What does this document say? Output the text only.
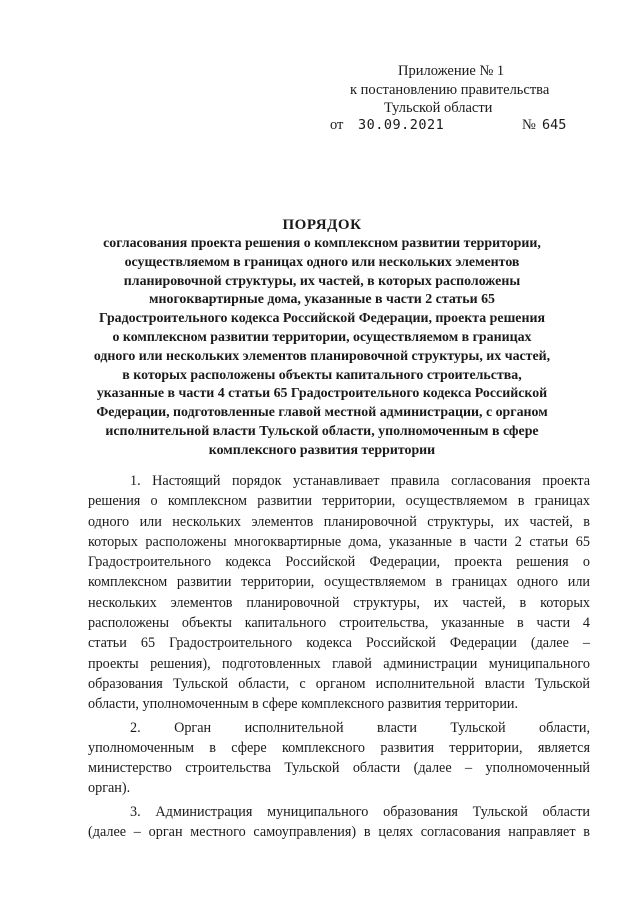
Приложение № 1
к постановлению правительства
Тульской области
от 30.09.2021	№ 645
ПОРЯДОК
согласования проекта решения о комплексном развитии территории,
осуществляемом в границах одного или нескольких элементов
планировочной структуры, их частей, в которых расположены
многоквартирные дома, указанные в части 2 статьи 65
Градостроительного кодекса Российской Федерации, проекта решения
о комплексном развитии территории, осуществляемом в границах
одного или нескольких элементов планировочной структуры, их частей,
в которых расположены объекты капитального строительства,
указанные в части 4 статьи 65 Градостроительного кодекса Российской
Федерации, подготовленные главой местной администрации, с органом
исполнительной власти Тульской области, уполномоченным в сфере
комплексного развития территории
1. Настоящий порядок устанавливает правила согласования проекта
решения о комплексном развитии территории, осуществляемом в границах
одного или нескольких элементов планировочной структуры, их частей, в
которых расположены многоквартирные дома, указанные в части 2 статьи 65
Градостроительного кодекса Российской Федерации, проекта решения о
комплексном развитии территории, осуществляемом в границах одного или
нескольких элементов планировочной структуры, их частей, в которых
расположены объекты капитального строительства, указанные в части 4
статьи 65 Градостроительного кодекса Российской Федерации (далее –
проекты решения), подготовленных главой администрации муниципального
образования Тульской области, с органом исполнительной власти Тульской
области, уполномоченным в сфере комплексного развития территории.
2. Орган исполнительной власти Тульской области,
уполномоченным в сфере комплексного развития территории, является
министерство строительства Тульской области (далее – уполномоченный
орган).
3. Администрация муниципального образования Тульской области
(далее – орган местного самоуправления) в целях согласования направляет в
